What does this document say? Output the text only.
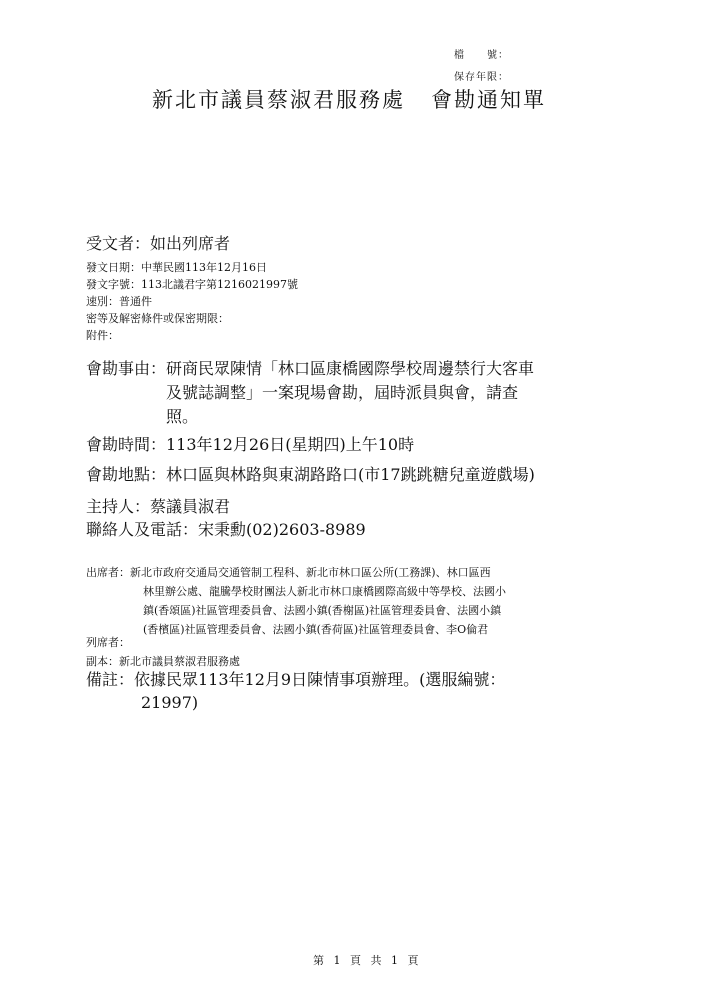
檔　　號：
保存年限：
新北市議員蔡淑君服務處 會勘通知單
受文者：如出列席者
發文日期：中華民國113年12月16日
發文字號：113北議君字第1216021997號
速別：普通件
密等及解密條件或保密期限：
附件：
會勘事由：研商民眾陳情「林口區康橋國際學校周邊禁行大客車
及號誌調整」一案現場會勘，屆時派員與會，請查
照。
會勘時間：113年12月26日(星期四)上午10時
會勘地點：林口區與林路與東湖路路口(市17跳跳糖兒童遊戲場)
主持人：蔡議員淑君
聯絡人及電話：宋秉勳(02)2603-8989
出席者：新北市政府交通局交通管制工程科、新北市林口區公所(工務課)、林口區西
林里辦公處、龍騰學校財團法人新北市林口康橋國際高級中等學校、法國小
鎮(香頌區)社區管理委員會、法國小鎮(香榭區)社區管理委員會、法國小鎮
(香檳區)社區管理委員會、法國小鎮(香荷區)社區管理委員會、李O倫君
列席者：
副本：新北市議員蔡淑君服務處
備註：依據民眾113年12月9日陳情事項辦理。(選服編號：
21997)
第 1 頁 共 1 頁
